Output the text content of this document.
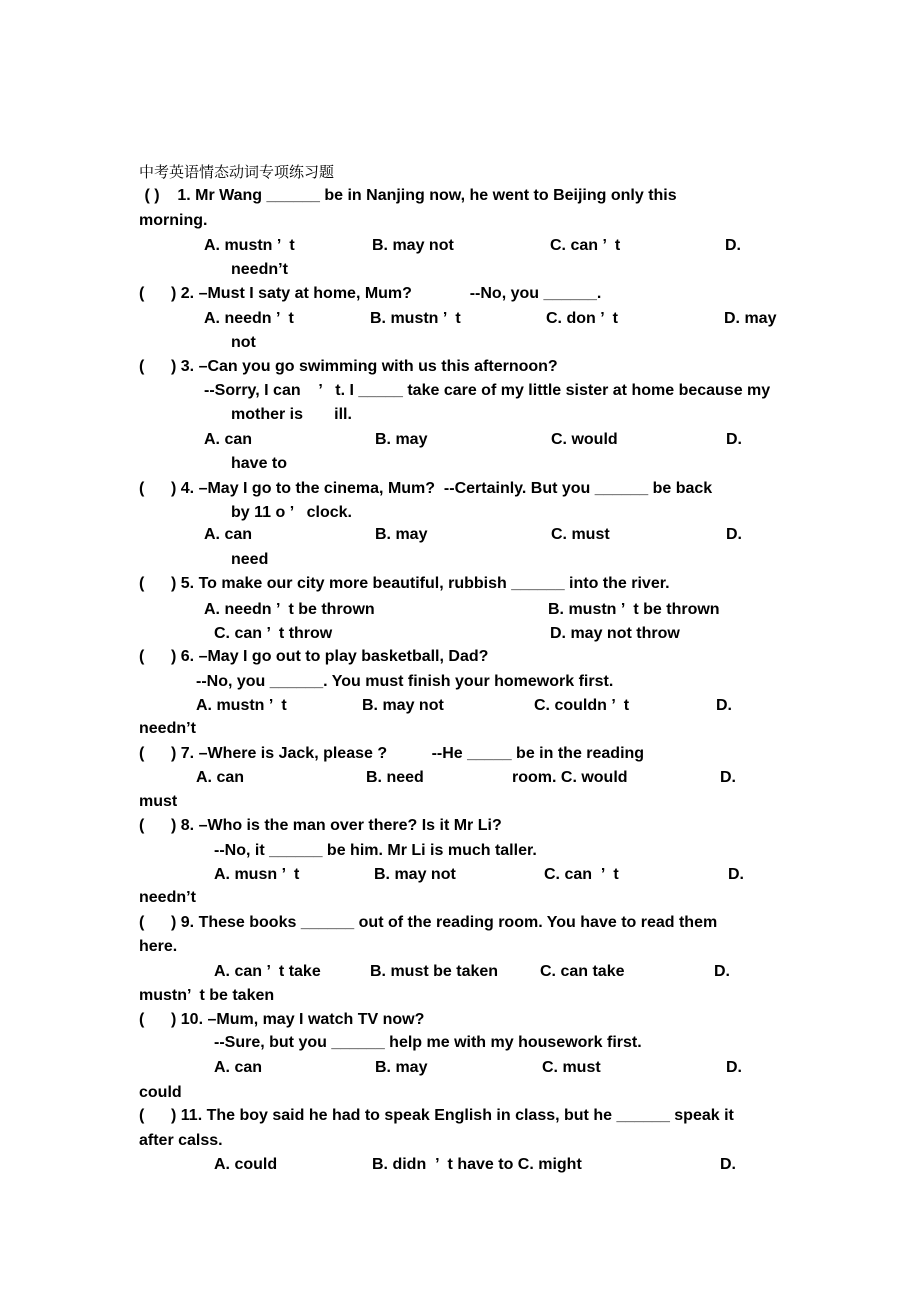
中考英语情态动词专项练习题
( )    1. Mr Wang ______ be in Nanjing now, he went to Beijing only this
morning.
A. mustn ’  t	B. may not	C. can ’  t	D.
needn’t
(      ) 2. –Must I saty at home, Mum?             --No, you ______.
A. needn ’  t	B. mustn ’  t	C. don ’  t	D. may
not
(      ) 3. –Can you go swimming with us this afternoon?
--Sorry, I can    ’   t. I _____ take care of my little sister at home because my
mother is       ill.
A. can	B. may	C. would	D.
have to
(      ) 4. –May I go to the cinema, Mum?  --Certainly. But you ______ be back
by 11 o ’   clock.
A. can	B. may	C. must	D.
need
(      ) 5. To make our city more beautiful, rubbish ______ into the river.
A. needn ’  t be thrown	B. mustn ’  t be thrown
C. can ’  t throw	D. may not throw
(      ) 6. –May I go out to play basketball, Dad?
--No, you ______. You must finish your homework first.
A. mustn ’  t	B. may not	C. couldn ’  t	D.
needn’t
(      ) 7. –Where is Jack, please ?          --He _____ be in the reading
A. can	B. need	room. C. would	D.
must
(      ) 8. –Who is the man over there? Is it Mr Li?
--No, it ______ be him. Mr Li is much taller.
A. musn ’  t	B. may not	C. can  ’  t	D.
needn’t
(      ) 9. These books ______ out of the reading room. You have to read them
here.
A. can ’  t take	B. must be taken	C. can take	D.
mustn’  t be taken
(      ) 10. –Mum, may I watch TV now?
--Sure, but you ______ help me with my housework first.
A. can	B. may	C. must	D.
could
(      ) 11. The boy said he had to speak English in class, but he ______ speak it
after calss.
A. could	B. didn  ’  t have to C. might	D.
